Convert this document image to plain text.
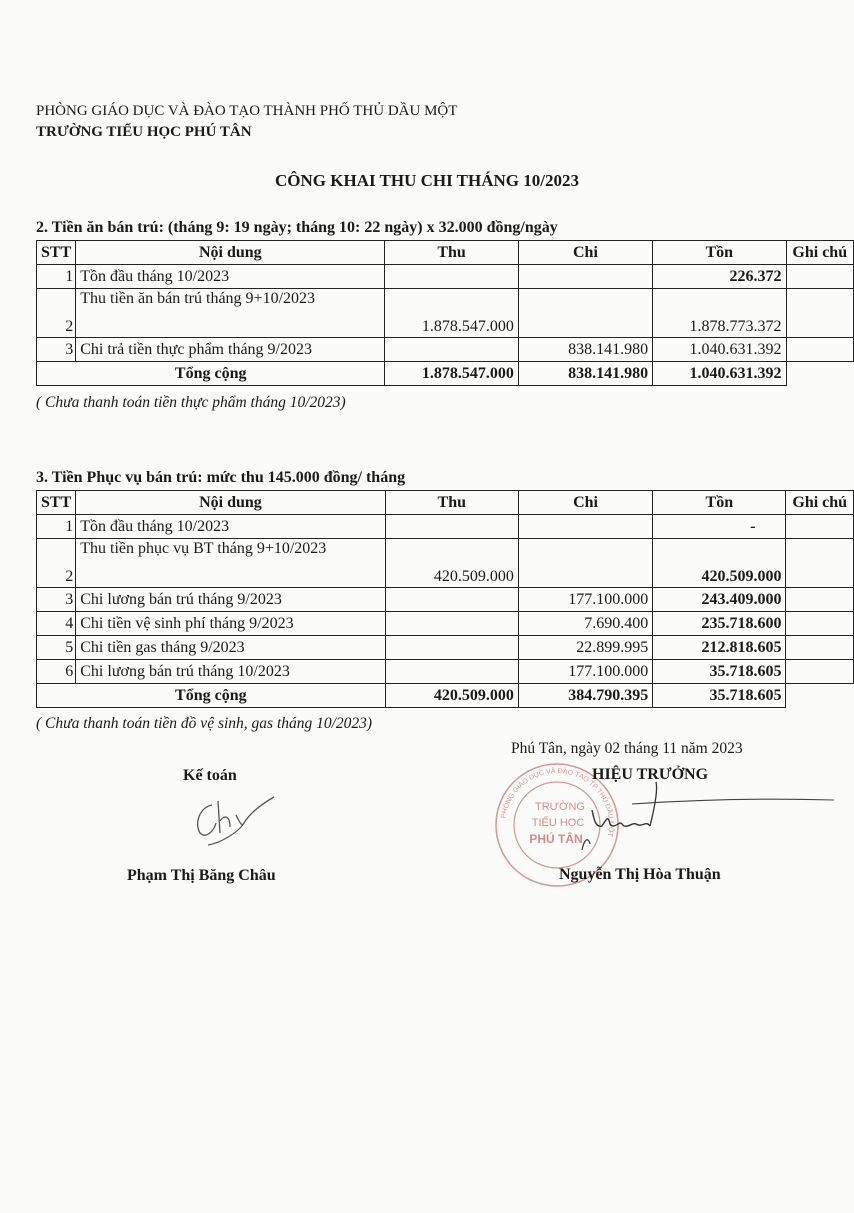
PHÒNG GIÁO DỤC VÀ ĐÀO TẠO THÀNH PHỐ THỦ DẦU MỘT
TRƯỜNG TIỂU HỌC PHÚ TÂN
CÔNG KHAI THU CHI THÁNG 10/2023
2. Tiền ăn bán trú: (tháng 9: 19 ngày; tháng 10: 22 ngày) x 32.000 đồng/ngày
STT	Nội dung	Thu	Chi	Tồn	Ghi chú
1	Tồn đầu tháng 10/2023			226.372	
2	Thu tiền ăn bán trú tháng 9+10/2023	1.878.547.000		1.878.773.372	
3	Chi trả tiền thực phẩm tháng 9/2023		838.141.980	1.040.631.392	
Tổng cộng		1.878.547.000	838.141.980	1.040.631.392	
( Chưa thanh toán tiền thực phẩm tháng 10/2023)
3. Tiền Phục vụ bán trú: mức thu 145.000 đồng/ tháng
STT	Nội dung	Thu	Chi	Tồn	Ghi chú
1	Tồn đầu tháng 10/2023			-	
2	Thu tiền phục vụ BT tháng 9+10/2023	420.509.000		420.509.000	
3	Chi lương bán trú tháng 9/2023		177.100.000	243.409.000	
4	Chi tiền vệ sinh phí tháng 9/2023		7.690.400	235.718.600	
5	Chi tiền gas tháng 9/2023		22.899.995	212.818.605	
6	Chi lương bán trú tháng 10/2023		177.100.000	35.718.605	
Tổng cộng		420.509.000	384.790.395	35.718.605	
( Chưa thanh toán tiền đồ vệ sinh, gas tháng 10/2023)
Phú Tân, ngày 02 tháng 11 năm 2023
Kế toán
Phạm Thị Băng Châu
PHÒNG GIÁO DỤC VÀ ĐÀO TẠO TP THỦ DẦU MỘT
TRƯỜNG
TIỂU HỌC
PHÚ TÂN
HIỆU TRƯỞNG
Nguyễn Thị Hòa Thuận
